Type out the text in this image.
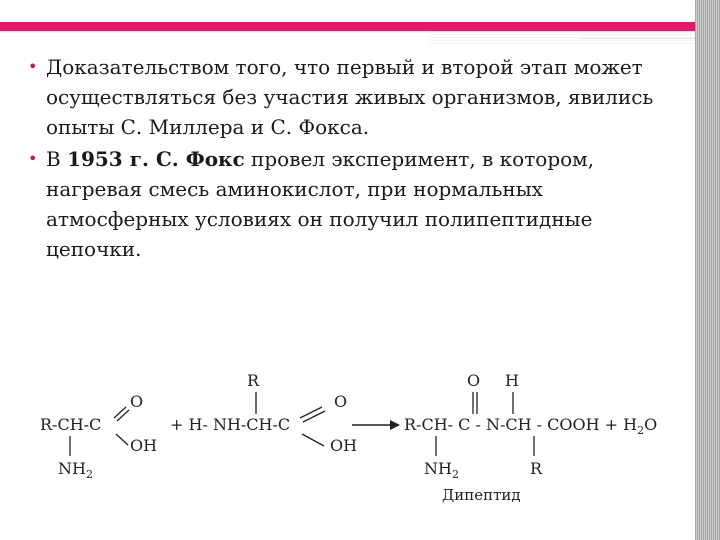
• Доказательством того, что первый и второй этап может осуществляться без участия живых организмов, явились опыты С. Миллера и С. Фокса.
• В 1953 г. С. Фокс провел эксперимент, в котором, нагревая смесь аминокислот, при нормальных атмосферных условиях он получил полипептидные цепочки.
R-CH-C
O
OH
$NH_2$
+ H- NH-CH-C
R
O
OH
R-CH- C - N-CH - COOH + $H_2O$
O H
$NH_2$	R
Дипептид
